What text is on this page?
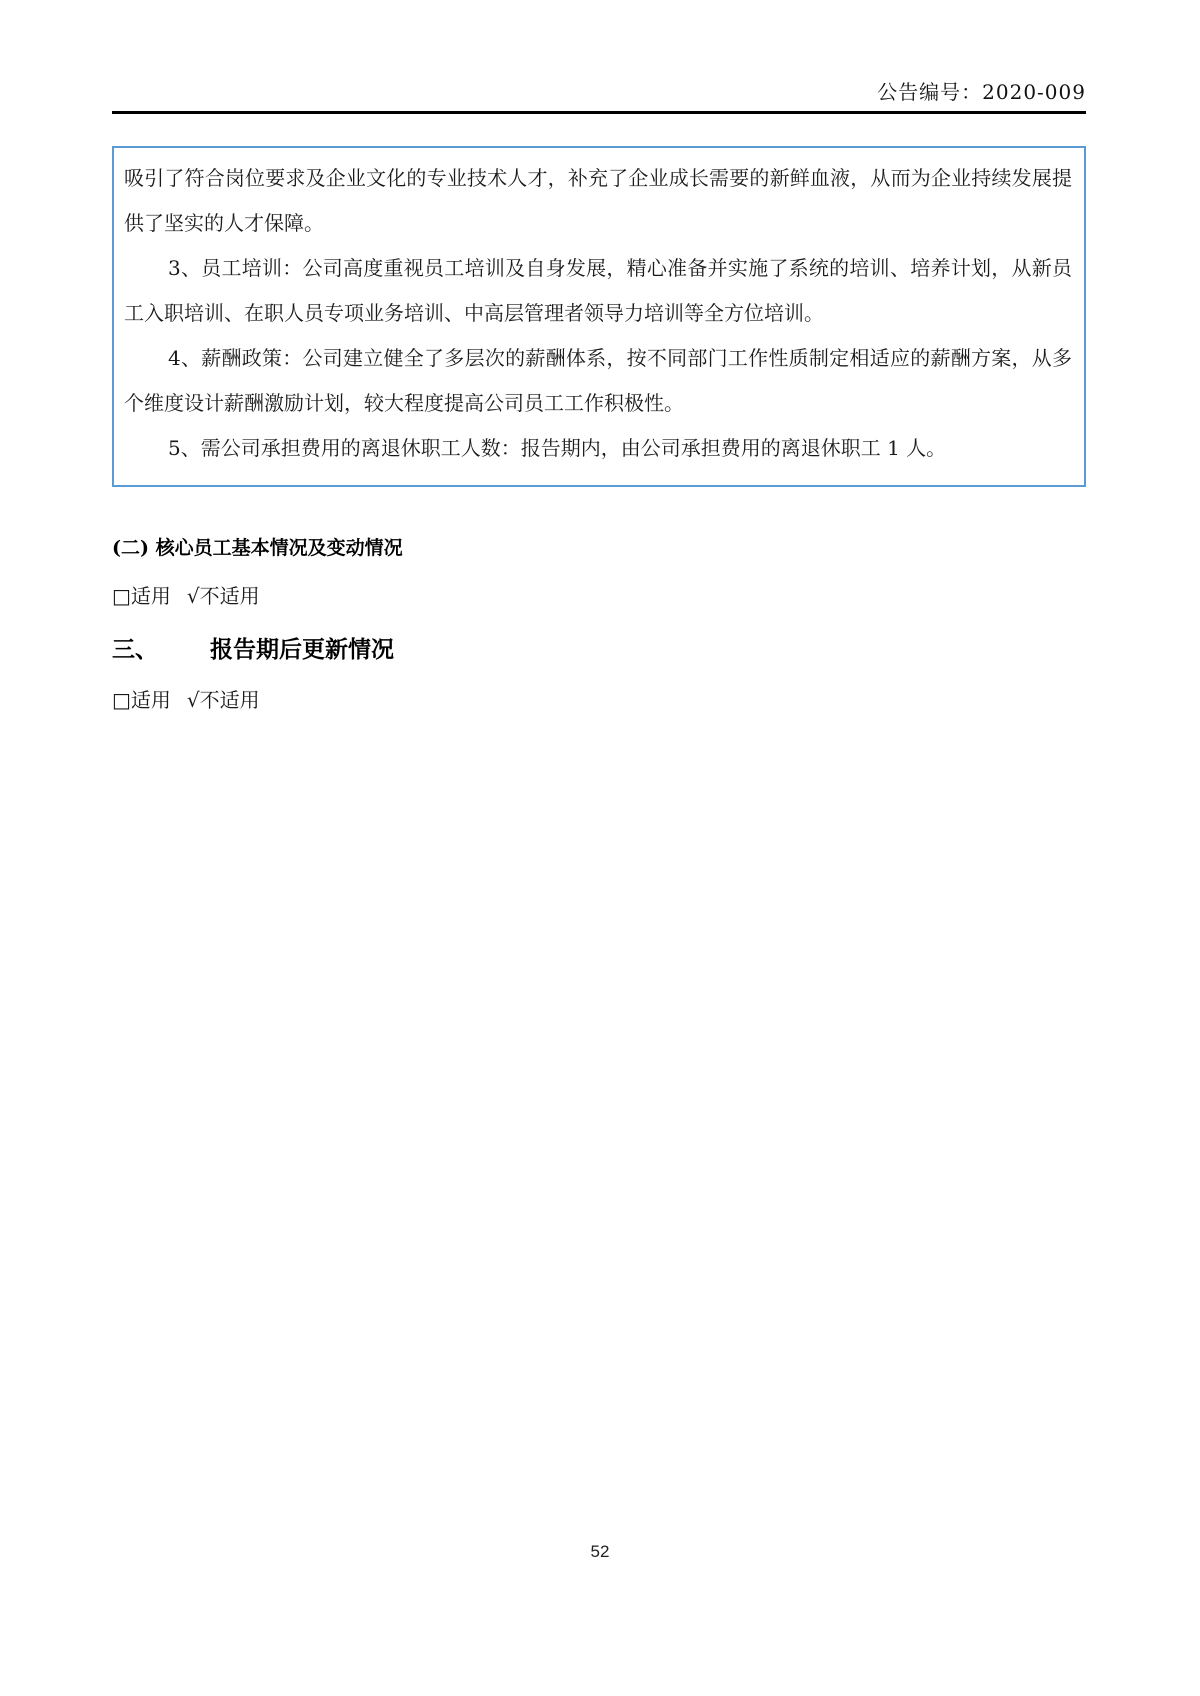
公告编号：2020-009

吸引了符合岗位要求及企业文化的专业技术人才，补充了企业成长需要的新鲜血液，从而为企业持续发展提供了坚实的人才保障。

3、员工培训：公司高度重视员工培训及自身发展，精心准备并实施了系统的培训、培养计划，从新员工入职培训、在职人员专项业务培训、中高层管理者领导力培训等全方位培训。

4、薪酬政策：公司建立健全了多层次的薪酬体系，按不同部门工作性质制定相适应的薪酬方案，从多个维度设计薪酬激励计划，较大程度提高公司员工工作积极性。

5、需公司承担费用的离退休职工人数：报告期内，由公司承担费用的离退休职工 1 人。

(二) 核心员工基本情况及变动情况
□适用 √不适用
三、 报告期后更新情况
□适用 √不适用
52
